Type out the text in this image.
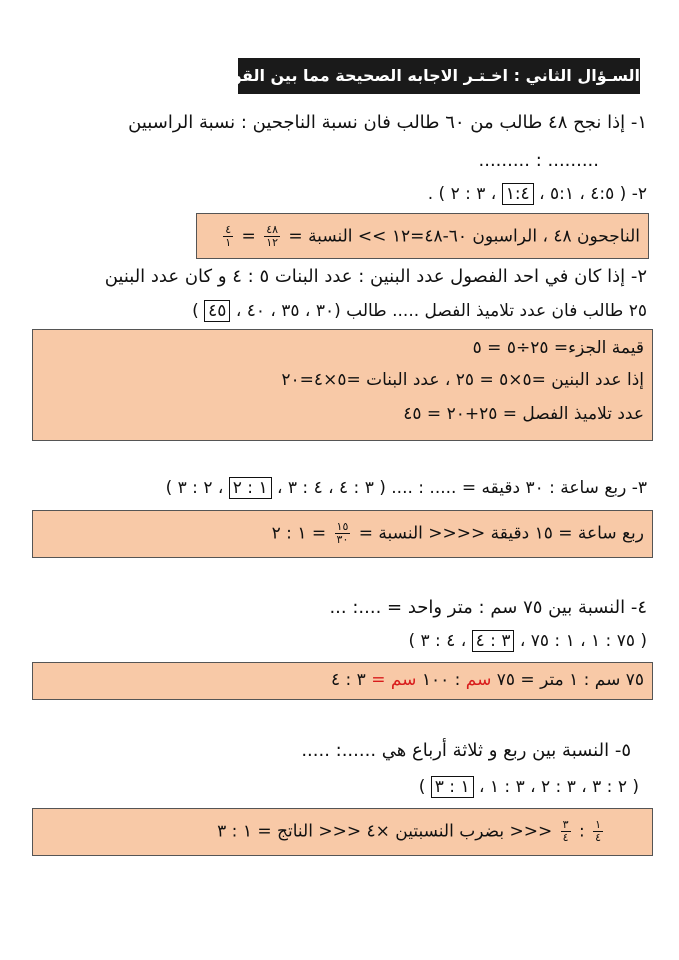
السـؤال الثاني : اخـتـر الاجابه الصحيحة مما بين القوسين :
١- إذا نجح ٤٨ طالب من ٦٠ طالب فان نسبة الناجحين : نسبة الراسبين
......... : .........
٢- ( ٤:٥ ، ٥:١ ، ١:٤ ، ٣ : ٢ ) .
الناجحون ٤٨ ، الراسبون ٦٠-٤٨=١٢ >> النسبة =
$\frac{٤٨}{١٢}$
=
$\frac{٤}{١}$
٢- إذا كان في احد الفصول عدد البنين : عدد البنات ٥ : ٤ و كان عدد البنين
٢٥ طالب فان عدد تلاميذ الفصل ..... طالب (٣٠ ، ٣٥ ، ٤٠ ، ٤٥ )
قيمة الجزء= ٢٥÷٥ = ٥
إذا عدد البنين =٥×٥ = ٢٥ ، عدد البنات =٥×٤=٢٠
عدد تلاميذ الفصل = ٢٥+٢٠ = ٤٥
٣- ربع ساعة : ٣٠ دقيقه = ..... : .... ( ٣ : ٤ ، ٤ : ٣ ، ١ : ٢ ، ٢ : ٣ )
ربع ساعة = ١٥ دقيقة <<<< النسبة =
$\frac{١٥}{٣٠}$
= ١ : ٢
٤- النسبة بين ٧٥ سم : متر واحد = ....: ...
( ٧٥ : ١ ، ١ : ٧٥ ، ٣ : ٤ ، ٤ : ٣ )
٧٥ سم : ١ متر = ٧٥ سم : ١٠٠ سم = ٣ : ٤
٥- النسبة بين ربع و ثلاثة أرباع هي ......: .....
( ٢ : ٣ ، ٣ : ٢ ، ٣ : ١ ، ١ : ٣ )
$\frac{١}{٤}$
:
$\frac{٣}{٤}$
<<< بضرب النسبتين ×٤ <<< الناتج = ١ : ٣
